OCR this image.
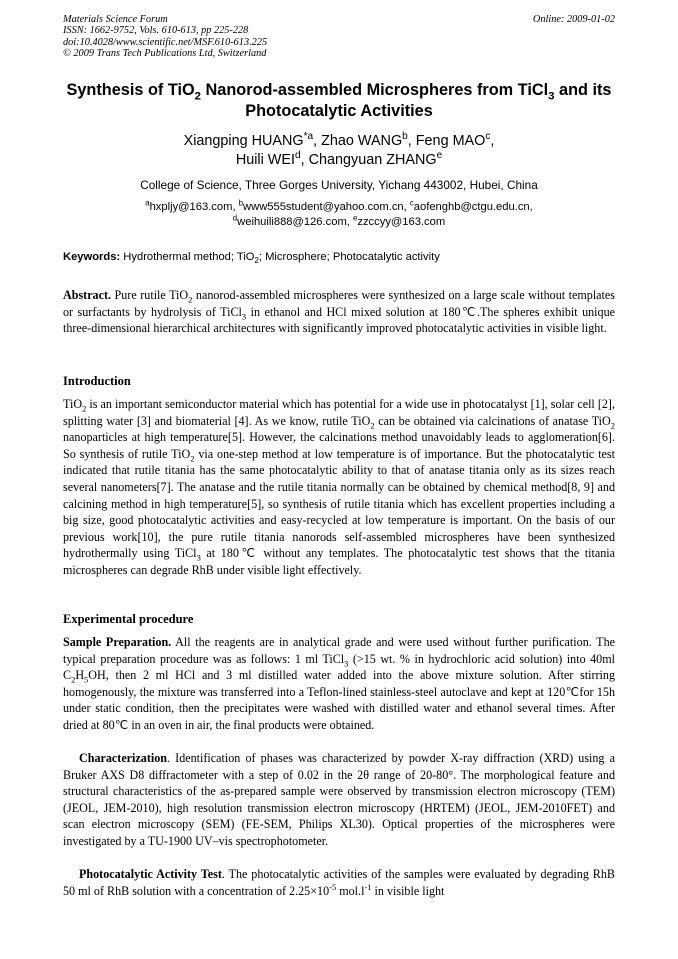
Materials Science Forum
ISSN: 1662-9752, Vols. 610-613, pp 225-228
doi:10.4028/www.scientific.net/MSF.610-613.225
© 2009 Trans Tech Publications Ltd, Switzerland
Online: 2009-01-02
Synthesis of TiO$_2$ Nanorod-assembled Microspheres from TiCl$_3$ and its Photocatalytic Activities
Xiangping HUANG$^{*a}$, Zhao WANG$^b$, Feng MAO$^c$,
Huili WEI$^d$, Changyuan ZHANG$^e$
College of Science, Three Gorges University, Yichang 443002, Hubei, China
$^a$hxpljy@163.com, $^b$www555student@yahoo.com.cn, $^c$aofenghb@ctgu.edu.cn,
$^d$weihuili888@126.com, $^e$zzccyy@163.com
Keywords: Hydrothermal method; TiO$_2$; Microsphere; Photocatalytic activity
Abstract. Pure rutile TiO$_2$ nanorod-assembled microspheres were synthesized on a large scale without templates or surfactants by hydrolysis of TiCl$_3$ in ethanol and HCl mixed solution at 180℃.The spheres exhibit unique three-dimensional hierarchical architectures with significantly improved photocatalytic activities in visible light.
Introduction
TiO$_2$ is an important semiconductor material which has potential for a wide use in photocatalyst [1], solar cell [2], splitting water [3] and biomaterial [4]. As we know, rutile TiO$_2$ can be obtained via calcinations of anatase TiO$_2$ nanoparticles at high temperature[5]. However, the calcinations method unavoidably leads to agglomeration[6]. So synthesis of rutile TiO$_2$ via one-step method at low temperature is of importance. But the photocatalytic test indicated that rutile titania has the same photocatalytic ability to that of anatase titania only as its sizes reach several nanometers[7]. The anatase and the rutile titania normally can be obtained by chemical method[8, 9] and calcining method in high temperature[5], so synthesis of rutile titania which has excellent properties including a big size, good photocatalytic activities and easy-recycled at low temperature is important. On the basis of our previous work[10], the pure rutile titania nanorods self-assembled microspheres have been synthesized hydrothermally using TiCl$_3$ at 180℃ without any templates. The photocatalytic test shows that the titania microspheres can degrade RhB under visible light effectively.
Experimental procedure
Sample Preparation. All the reagents are in analytical grade and were used without further purification. The typical preparation procedure was as follows: 1 ml TiCl$_3$ (>15 wt. % in hydrochloric acid solution) into 40ml $C_2H_5OH$, then 2 ml HCl and 3 ml distilled water added into the above mixture solution. After stirring homogenously, the mixture was transferred into a Teflon-lined stainless-steel autoclave and kept at 120℃for 15h under static condition, then the precipitates were washed with distilled water and ethanol several times. After dried at 80℃ in an oven in air, the final products were obtained.
Characterization. Identification of phases was characterized by powder X-ray diffraction (XRD) using a Bruker AXS D8 diffractometer with a step of 0.02 in the 2θ range of 20-80°. The morphological feature and structural characteristics of the as-prepared sample were observed by transmission electron microscopy (TEM) (JEOL, JEM-2010), high resolution transmission electron microscopy (HRTEM) (JEOL, JEM-2010FET) and scan electron microscopy (SEM) (FE-SEM, Philips XL30). Optical properties of the microspheres were investigated by a TU-1900 UV–vis spectrophotometer.
Photocatalytic Activity Test. The photocatalytic activities of the samples were evaluated by degrading RhB 50 ml of RhB solution with a concentration of $2.25\times 10^{-5}$ $mol.l^{-1}$ in visible light
